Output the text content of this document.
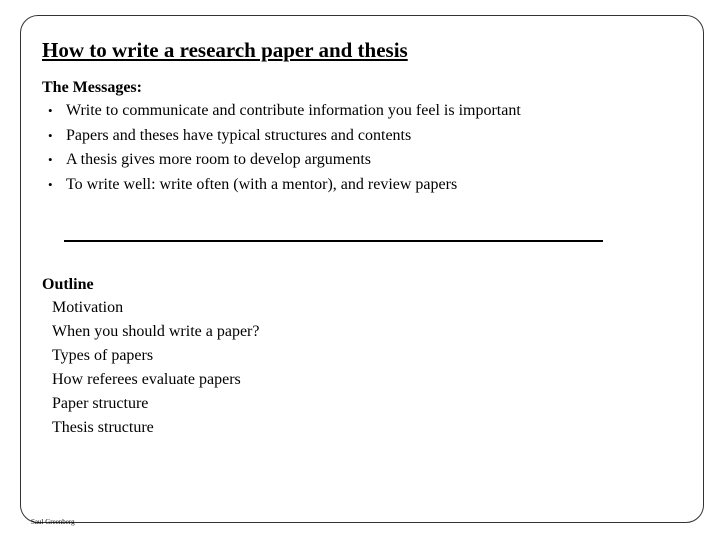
How to write a research paper and thesis
The Messages:
• Write to communicate and contribute information you feel is important
• Papers and theses have typical structures and contents
• A thesis gives more room to develop arguments
• To write well: write often (with a mentor), and review papers
Outline
Motivation
When you should write a paper?
Types of papers
How referees evaluate papers
Paper structure
Thesis structure
Saul Greenberg
